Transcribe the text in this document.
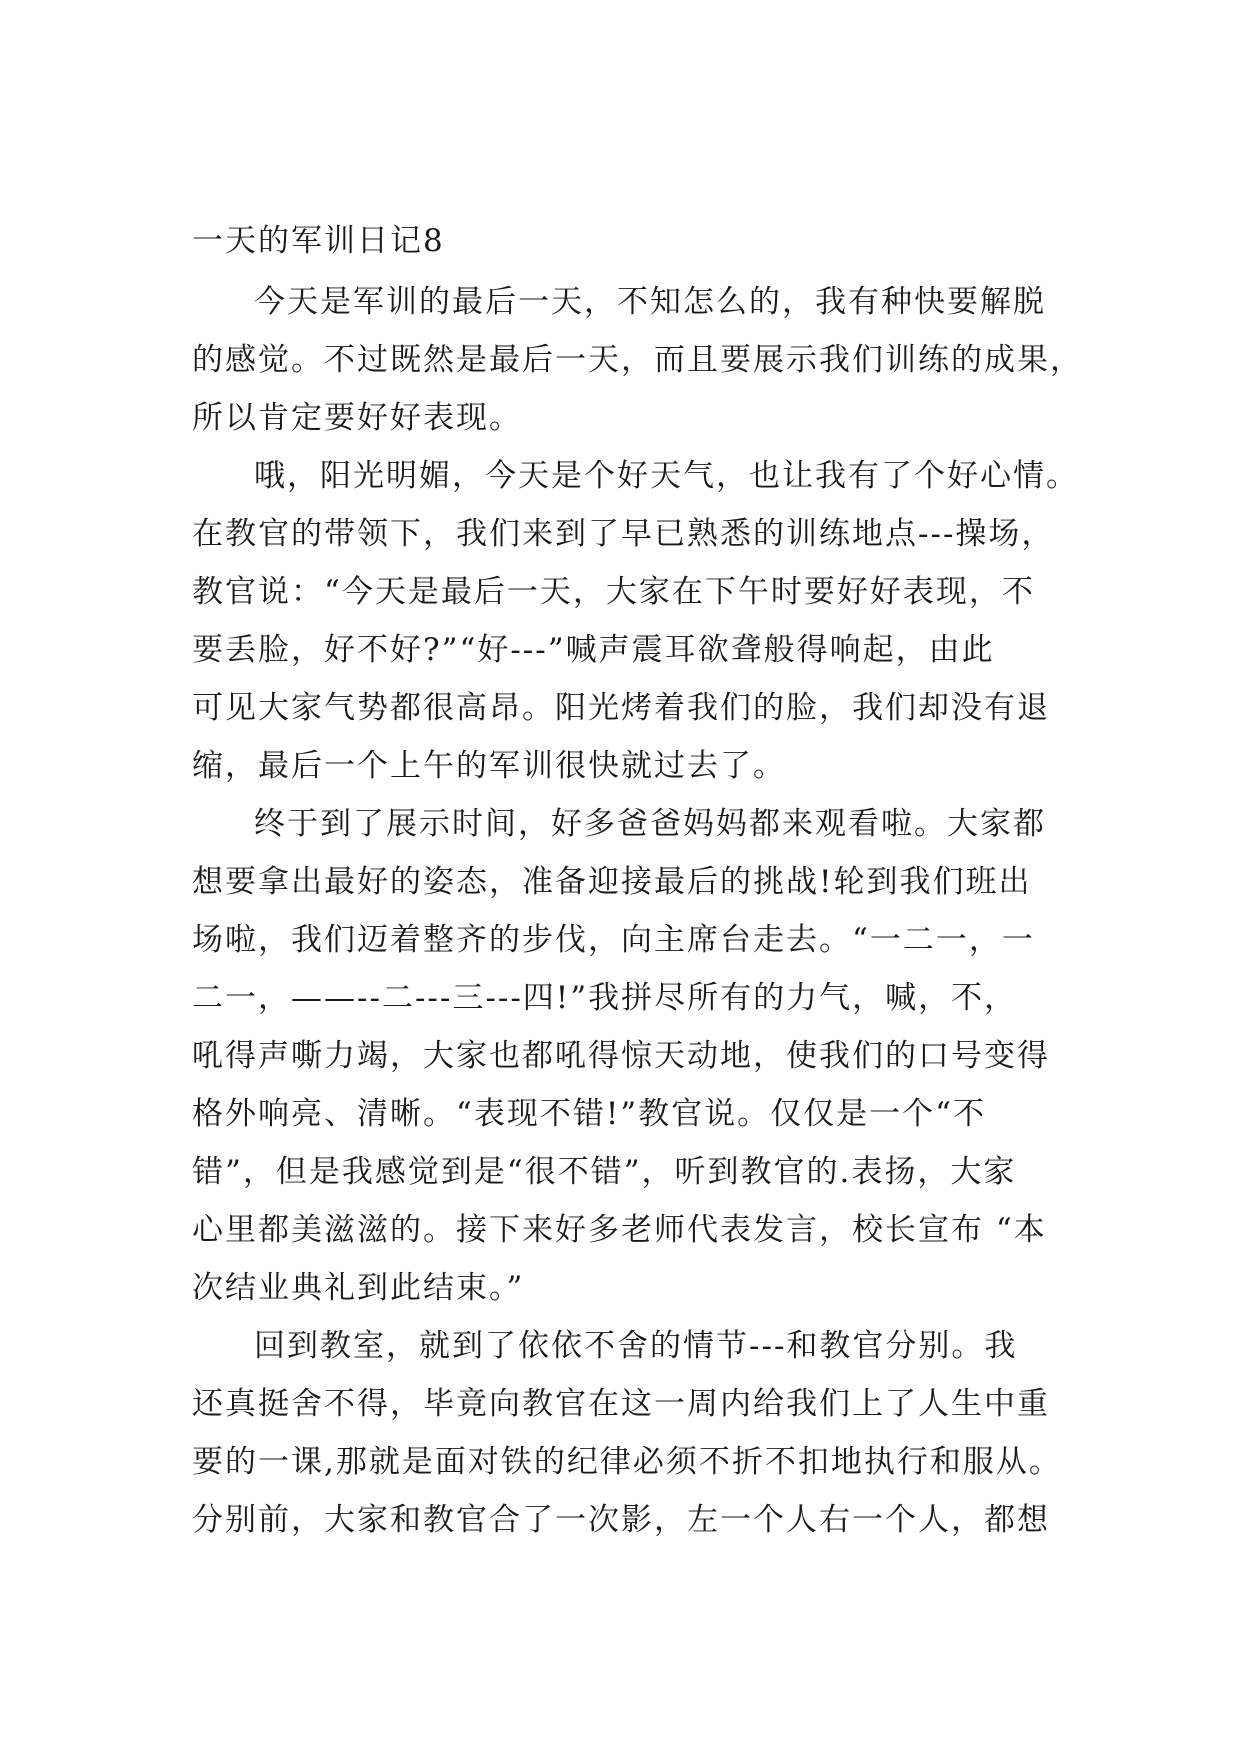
一天的军训日记8
今天是军训的最后一天，不知怎么的，我有种快要解脱
的感觉。不过既然是最后一天，而且要展示我们训练的成果，
所以肯定要好好表现。
哦，阳光明媚，今天是个好天气，也让我有了个好心情。
在教官的带领下，我们来到了早已熟悉的训练地点---操场，
教官说：“今天是最后一天，大家在下午时要好好表现，不
要丢脸，好不好?”“好---”喊声震耳欲聋般得响起，由此
可见大家气势都很高昂。阳光烤着我们的脸，我们却没有退
缩，最后一个上午的军训很快就过去了。
终于到了展示时间，好多爸爸妈妈都来观看啦。大家都
想要拿出最好的姿态，准备迎接最后的挑战!轮到我们班出
场啦，我们迈着整齐的步伐，向主席台走去。“一二一，一
二一，——--二---三---四!”我拼尽所有的力气，喊，不，
吼得声嘶力竭，大家也都吼得惊天动地，使我们的口号变得
格外响亮、清晰。“表现不错!”教官说。仅仅是一个“不
错”，但是我感觉到是“很不错”，听到教官的.表扬，大家
心里都美滋滋的。接下来好多老师代表发言，校长宣布 “本
次结业典礼到此结束。”
回到教室，就到了依依不舍的情节---和教官分别。我
还真挺舍不得，毕竟向教官在这一周内给我们上了人生中重
要的一课,那就是面对铁的纪律必须不折不扣地执行和服从。
分别前，大家和教官合了一次影，左一个人右一个人，都想
